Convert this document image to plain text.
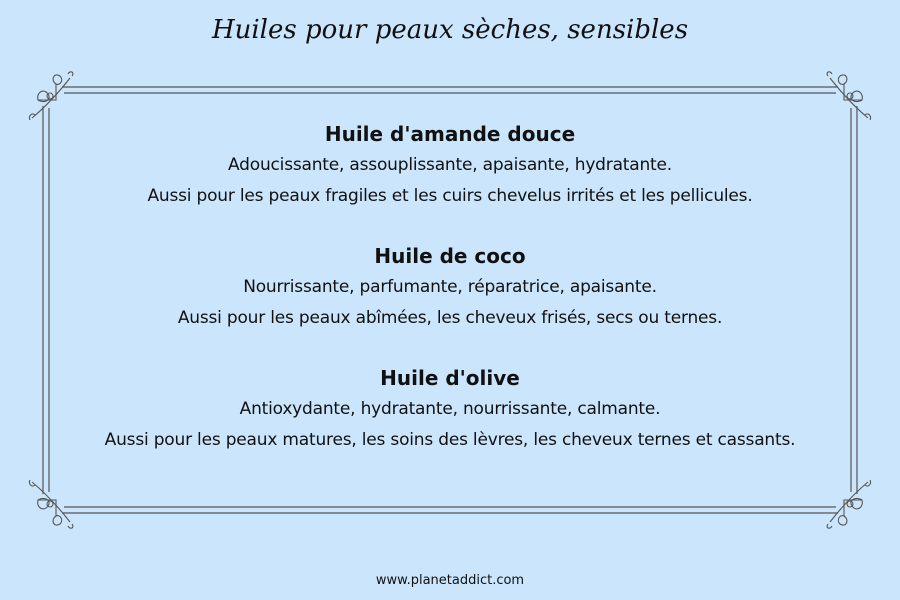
Huiles pour peaux sèches, sensibles

Huile d'amande douce

Adoucissante, assouplissante, apaisante, hydratante.

Aussi pour les peaux fragiles et les cuirs chevelus irrités et les pellicules.

Huile de coco

Nourrissante, parfumante, réparatrice, apaisante.

Aussi pour les peaux abîmées, les cheveux frisés, secs ou ternes.

Huile d'olive

Antioxydante, hydratante, nourrissante, calmante.

Aussi pour les peaux matures, les soins des lèvres, les cheveux ternes et cassants.

www.planetaddict.com
